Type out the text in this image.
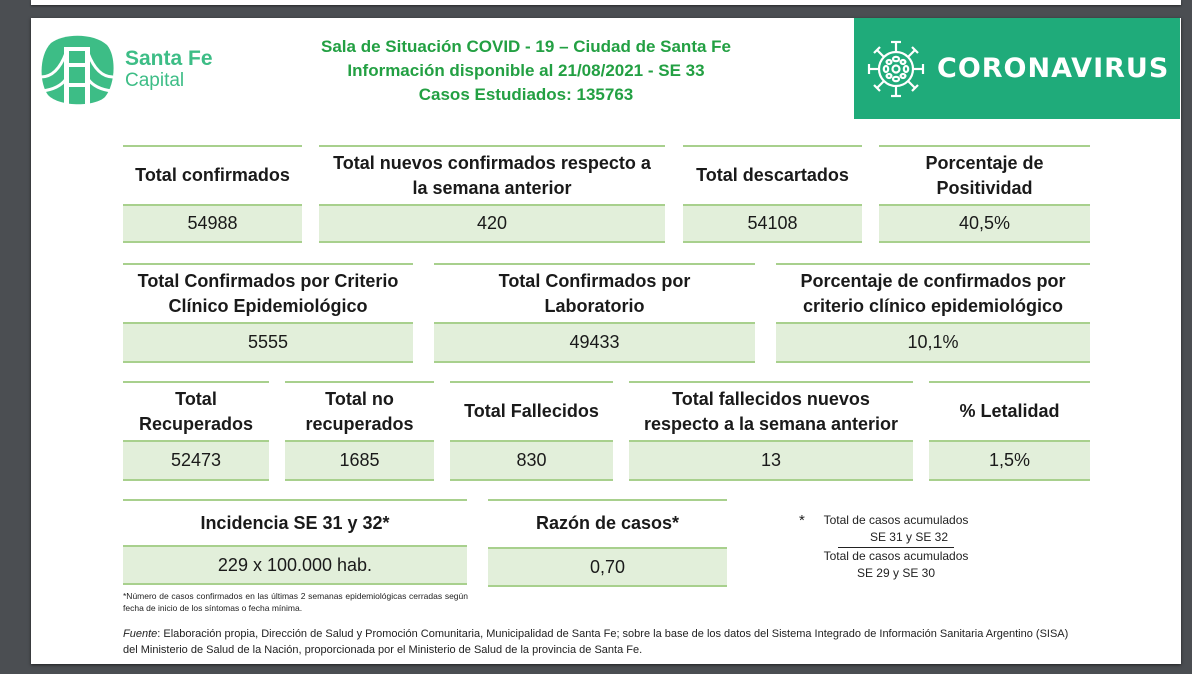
Santa Fe
Capital
Sala de Situación COVID - 19 – Ciudad de Santa Fe
Información disponible al 21/08/2021 - SE 33
Casos Estudiados: 135763
CORONAVIRUS
Total confirmados
54988
Total nuevos confirmados respecto a la semana anterior
420
Total descartados
54108
Porcentaje de Positividad
40,5%
Total Confirmados por Criterio Clínico Epidemiológico
5555
Total Confirmados por Laboratorio
49433
Porcentaje de confirmados por criterio clínico epidemiológico
10,1%
Total Recuperados
52473
Total no recuperados
1685
Total Fallecidos
830
Total fallecidos nuevos respecto a la semana anterior
13
% Letalidad
1,5%
Incidencia SE 31 y 32*
229 x 100.000 hab.
Razón de casos*
0,70
*Número de casos confirmados en las últimas 2 semanas epidemiológicas cerradas según fecha de inicio de los síntomas o fecha mínima.
*	Total de casos acumulados
SE 31 y SE 32
Total de casos acumulados
SE 29 y SE 30
Fuente: Elaboración propia, Dirección de Salud y Promoción Comunitaria, Municipalidad de Santa Fe; sobre la base de los datos del Sistema Integrado de Información Sanitaria Argentino (SISA) del Ministerio de Salud de la Nación, proporcionada por el Ministerio de Salud de la provincia de Santa Fe.
